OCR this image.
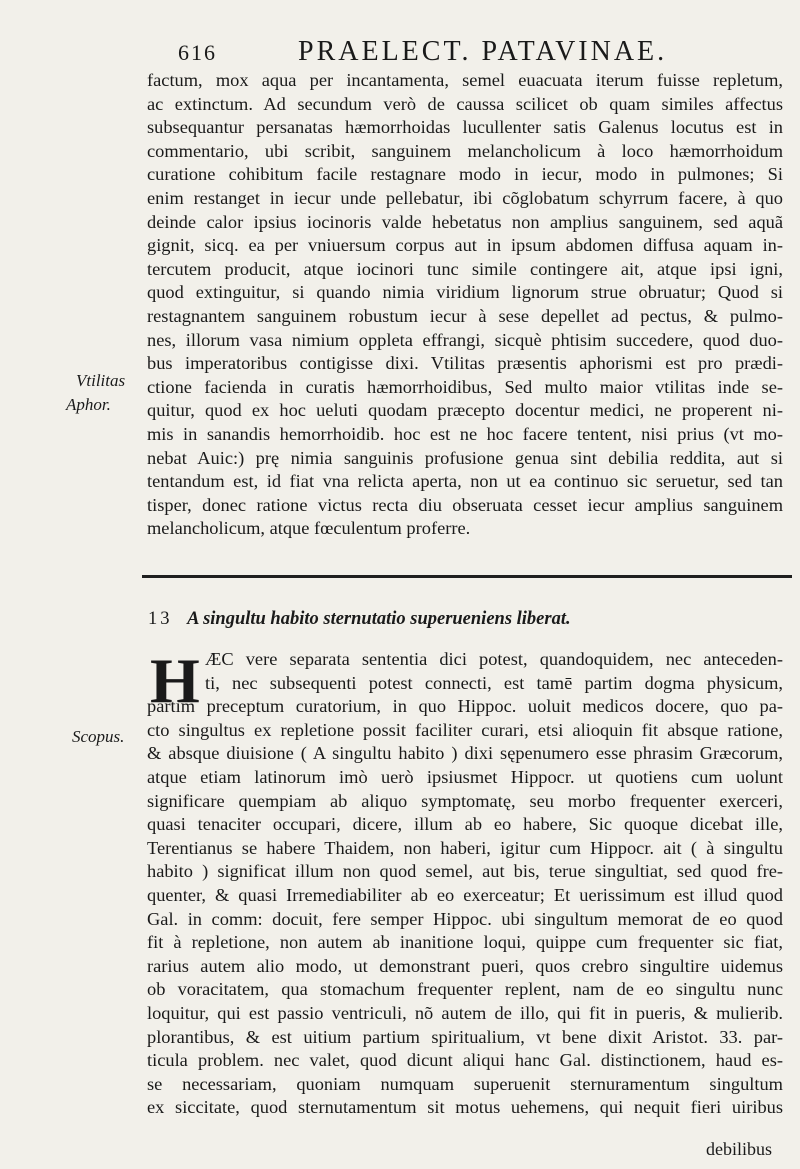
616	PRAELECT. PATAVINAE.
factum, mox aqua per incantamenta, semel euacuata iterum fuisse repletum,
ac extinctum. Ad secundum verò de caussa scilicet ob quam similes affectus
subsequantur persanatas hæmorrhoidas lucullenter satis Galenus locutus est in
commentario, ubi scribit, sanguinem melancholicum à loco hæmorrhoidum
curatione cohibitum facile restagnare modo in iecur, modo in pulmones; Si
enim restanget in iecur unde pellebatur, ibi cõglobatum schyrrum facere, à quo
deinde calor ipsius iocinoris valde hebetatus non amplius sanguinem, sed aquã
gignit, sicq. ea per vniuersum corpus aut in ipsum abdomen diffusa aquam in-
tercutem producit, atque iocinori tunc simile contingere ait, atque ipsi igni,
quod extinguitur, si quando nimia viridium lignorum strue obruatur; Quod si
restagnantem sanguinem robustum iecur à sese depellet ad pectus, & pulmo-
nes, illorum vasa nimium oppleta effrangi, sicquè phtisim succedere, quod duo-
bus imperatoribus contigisse dixi. Vtilitas præsentis aphorismi est pro prædi-
ctione facienda in curatis hæmorrhoidibus, Sed multo maior vtilitas inde se-
quitur, quod ex hoc ueluti quodam præcepto docentur medici, ne properent ni-
mis in sanandis hemorrhoidib. hoc est ne hoc facere tentent, nisi prius (vt mo-
nebat Auic:) prę nimia sanguinis profusione genua sint debilia reddita, aut si
tentandum est, id fiat vna relicta aperta, non ut ea continuo sic seruetur, sed tan
tisper, donec ratione victus recta diu obseruata cesset iecur amplius sanguinem
melancholicum, atque fœculentum proferre.
Vtilitas
Aphor.
13 A singultu habito sternutatio superueniens liberat.
Scopus.
ÆC vere separata sententia dici potest, quandoquidem, nec anteceden-
ti, nec subsequenti potest connecti, est tamē partim dogma physicum,
partim preceptum curatorium, in quo Hippoc. uoluit medicos docere, quo pa-
cto singultus ex repletione possit faciliter curari, etsi alioquin fit absque ratione,
& absque diuisione ( A singultu habito ) dixi sępenumero esse phrasim Græcorum,
atque etiam latinorum imò uerò ipsiusmet Hippocr. ut quotiens cum uolunt
significare quempiam ab aliquo symptomatę, seu morbo frequenter exerceri,
quasi tenaciter occupari, dicere, illum ab eo habere, Sic quoque dicebat ille,
Terentianus se habere Thaidem, non haberi, igitur cum Hippocr. ait ( à singultu
habito ) significat illum non quod semel, aut bis, terue singultiat, sed quod fre-
quenter, & quasi Irremediabiliter ab eo exerceatur; Et uerissimum est illud quod
Gal. in comm: docuit, fere semper Hippoc. ubi singultum memorat de eo quod
fit à repletione, non autem ab inanitione loqui, quippe cum frequenter sic fiat,
rarius autem alio modo, ut demonstrant pueri, quos crebro singultire uidemus
ob voracitatem, qua stomachum frequenter replent, nam de eo singultu nunc
loquitur, qui est passio ventriculi, nõ autem de illo, qui fit in pueris, & mulierib.
plorantibus, & est uitium partium spiritualium, vt bene dixit Aristot. 33. par-
ticula problem. nec valet, quod dicunt aliqui hanc Gal. distinctionem, haud es-
se necessariam, quoniam numquam superuenit sternuramentum singultum
ex siccitate, quod sternutamentum sit motus uehemens, qui nequit fieri uiribus
H
debilibus
